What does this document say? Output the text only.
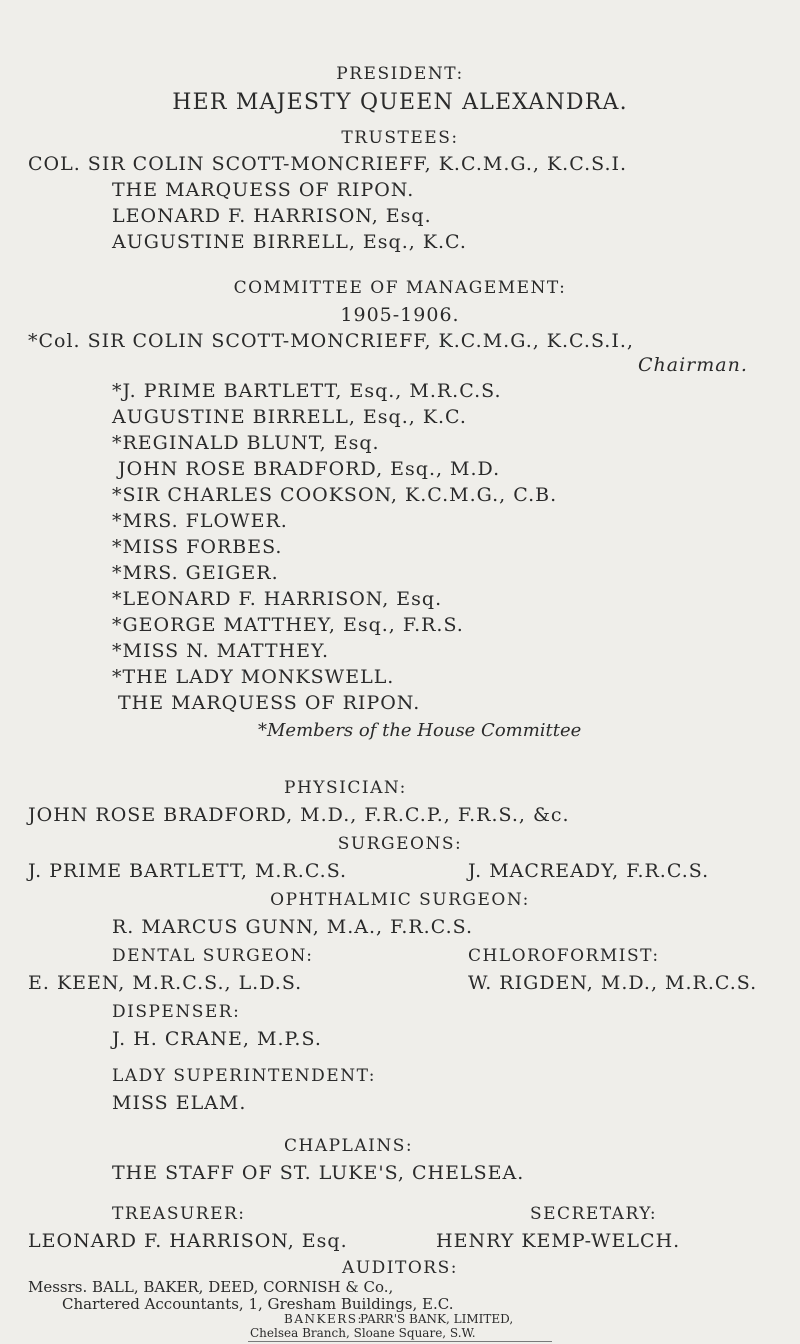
PRESIDENT:
HER MAJESTY QUEEN ALEXANDRA.
TRUSTEES:
COL. SIR COLIN SCOTT-MONCRIEFF, K.C.M.G., K.C.S.I.
THE MARQUESS OF RIPON.
LEONARD F. HARRISON, Esq.
AUGUSTINE BIRRELL, Esq., K.C.
COMMITTEE OF MANAGEMENT:
1905-1906.
*Col. SIR COLIN SCOTT-MONCRIEFF, K.C.M.G., K.C.S.I.,
Chairman.
*J. PRIME BARTLETT, Esq., M.R.C.S.
AUGUSTINE BIRRELL, Esq., K.C.
*REGINALD BLUNT, Esq.
JOHN ROSE BRADFORD, Esq., M.D.
*SIR CHARLES COOKSON, K.C.M.G., C.B.
*MRS. FLOWER.
*MISS FORBES.
*MRS. GEIGER.
*LEONARD F. HARRISON, Esq.
*GEORGE MATTHEY, Esq., F.R.S.
*MISS N. MATTHEY.
*THE LADY MONKSWELL.
THE MARQUESS OF RIPON.
*Members of the House Committee
PHYSICIAN:
JOHN ROSE BRADFORD, M.D., F.R.C.P., F.R.S., &c.
SURGEONS:
J. PRIME BARTLETT, M.R.C.S.	J. MACREADY, F.R.C.S.
OPHTHALMIC SURGEON:
R. MARCUS GUNN, M.A., F.R.C.S.
DENTAL SURGEON:	CHLOROFORMIST:
E. KEEN, M.R.C.S., L.D.S.	W. RIGDEN, M.D., M.R.C.S.
DISPENSER:
J. H. CRANE, M.P.S.
LADY SUPERINTENDENT:
MISS ELAM.
CHAPLAINS:
THE STAFF OF ST. LUKE'S, CHELSEA.
TREASURER:	SECRETARY:
LEONARD F. HARRISON, Esq.	HENRY KEMP-WELCH.
AUDITORS:
Messrs. BALL, BAKER, DEED, CORNISH & Co.,
Chartered Accountants, 1, Gresham Buildings, E.C.
BANKERS:
PARR'S BANK, LIMITED,
Chelsea Branch, Sloane Square, S.W.
